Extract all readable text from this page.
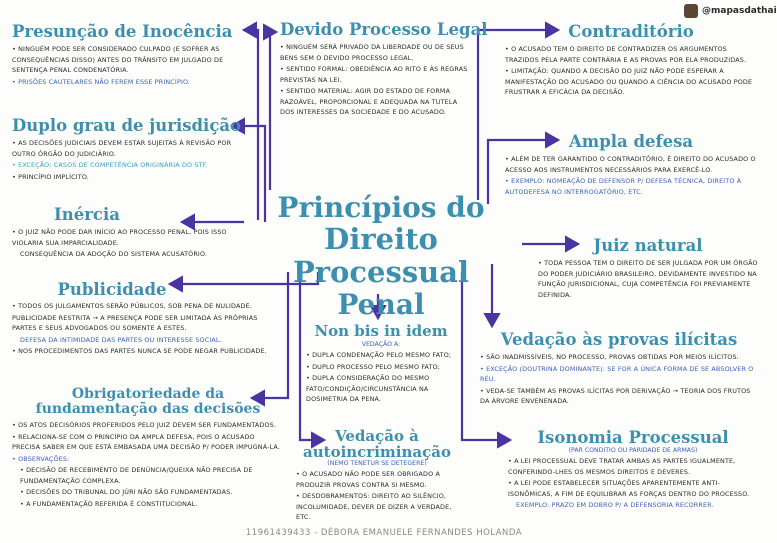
@mapasdathai
Princípios do
Direito Processual
Penal
Presunção de Inocência
• NINGUÉM PODE SER CONSIDERADO CULPADO (E SOFRER AS CONSEQUÊNCIAS DISSO) ANTES DO TRÂNSITO EM JULGADO DE SENTENÇA PENAL CONDENATÓRIA.
• PRISÕES CAUTELARES NÃO FEREM ESSE PRINCÍPIO.
Duplo grau de jurisdição
• AS DECISÕES JUDICIAIS DEVEM ESTAR SUJEITAS À REVISÃO POR OUTRO ÓRGÃO DO JUDICIÁRIO.
• EXCEÇÃO: CASOS DE COMPETÊNCIA ORIGINÁRIA DO STF.
• PRINCÍPIO IMPLÍCITO.
Inércia
• O JUIZ NÃO PODE DAR INÍCIO AO PROCESSO PENAL, POIS ISSO VIOLARIA SUA IMPARCIALIDADE.
CONSEQUÊNCIA DA ADOÇÃO DO SISTEMA ACUSATÓRIO.
Publicidade
• TODOS OS JULGAMENTOS SERÃO PÚBLICOS, SOB PENA DE NULIDADE.
PUBLICIDADE RESTRITA → A PRESENÇA PODE SER LIMITADA ÀS PRÓPRIAS PARTES E SEUS ADVOGADOS OU SOMENTE A ESTES.
DEFESA DA INTIMIDADE DAS PARTES OU INTERESSE SOCIAL.
• NOS PROCEDIMENTOS DAS PARTES NUNCA SE PODE NEGAR PUBLICIDADE.
Obrigatoriedade da fundamentação das decisões
• OS ATOS DECISÓRIOS PROFERIDOS PELO JUIZ DEVEM SER FUNDAMENTADOS.
• RELACIONA-SE COM O PRINCÍPIO DA AMPLA DEFESA, POIS O ACUSADO PRECISA SABER EM QUE ESTÁ EMBASADA UMA DECISÃO P/ PODER IMPUGNÁ-LA.
• OBSERVAÇÕES:
• DECISÃO DE RECEBIMENTO DE DENÚNCIA/QUEIXA NÃO PRECISA DE FUNDAMENTAÇÃO COMPLEXA.
• DECISÕES DO TRIBUNAL DO JÚRI NÃO SÃO FUNDAMENTADAS.
• A FUNDAMENTAÇÃO REFERIDA É CONSTITUCIONAL.
Devido Processo Legal
• NINGUÉM SERÁ PRIVADO DA LIBERDADE OU DE SEUS BENS SEM O DEVIDO PROCESSO LEGAL.
• SENTIDO FORMAL: OBEDIÊNCIA AO RITO E ÀS REGRAS PREVISTAS NA LEI.
• SENTIDO MATERIAL: AGIR DO ESTADO DE FORMA RAZOÁVEL, PROPORCIONAL E ADEQUADA NA TUTELA DOS INTERESSES DA SOCIEDADE E DO ACUSADO.
Non bis in idem
VEDAÇÃO A:
• DUPLA CONDENAÇÃO PELO MESMO FATO;
• DUPLO PROCESSO PELO MESMO FATO;
• DUPLA CONSIDERAÇÃO DO MESMO FATO/CONDIÇÃO/CIRCUNSTÂNCIA NA DOSIMETRIA DA PENA.
Vedação à autoincriminação
(NEMO TENETUR SE DETEGERE)
• O ACUSADO NÃO PODE SER OBRIGADO A PRODUZIR PROVAS CONTRA SI MESMO.
• DESDOBRAMENTOS: DIREITO AO SILÊNCIO, INCOLUMIDADE, DEVER DE DIZER A VERDADE, ETC.
Contraditório
• O ACUSADO TEM O DIREITO DE CONTRADIZER OS ARGUMENTOS TRAZIDOS PELA PARTE CONTRÁRIA E AS PROVAS POR ELA PRODUZIDAS.
• LIMITAÇÃO: QUANDO A DECISÃO DO JUIZ NÃO PODE ESPERAR A MANIFESTAÇÃO DO ACUSADO OU QUANDO A CIÊNCIA DO ACUSADO PODE FRUSTRAR A EFICÁCIA DA DECISÃO.
Ampla defesa
• ALÉM DE TER GARANTIDO O CONTRADITÓRIO, É DIREITO DO ACUSADO O ACESSO AOS INSTRUMENTOS NECESSÁRIOS PARA EXERCÊ-LO.
• EXEMPLO: NOMEAÇÃO DE DEFENSOR P/ DEFESA TÉCNICA, DIREITO À AUTODEFESA NO INTERROGATÓRIO, ETC.
Juiz natural
• TODA PESSOA TEM O DIREITO DE SER JULGADA POR UM ÓRGÃO DO PODER JUDICIÁRIO BRASILEIRO, DEVIDAMENTE INVESTIDO NA FUNÇÃO JURISDICIONAL, CUJA COMPETÊNCIA FOI PREVIAMENTE DEFINIDA.
Vedação às provas ilícitas
• SÃO INADMISSÍVEIS, NO PROCESSO, PROVAS OBTIDAS POR MEIOS ILÍCITOS.
• EXCEÇÃO (DOUTRINA DOMINANTE): SE FOR A ÚNICA FORMA DE SE ABSOLVER O RÉU.
• VEDA-SE TAMBÉM AS PROVAS ILÍCITAS POR DERIVAÇÃO → TEORIA DOS FRUTOS DA ÁRVORE ENVENENADA.
Isonomia Processual
(PAR CONDITIO OU PARIDADE DE ARMAS)
• A LEI PROCESSUAL DEVE TRATAR AMBAS AS PARTES IGUALMENTE, CONFERINDO-LHES OS MESMOS DIREITOS E DEVERES.
• A LEI PODE ESTABELECER SITUAÇÕES APARENTEMENTE ANTI-ISONÔMICAS, A FIM DE EQUILIBRAR AS FORÇAS DENTRO DO PROCESSO.
EXEMPLO: PRAZO EM DOBRO P/ A DEFENSORIA RECORRER.
11961439433 - DÉBORA EMANUELE FERNANDES HOLANDA
